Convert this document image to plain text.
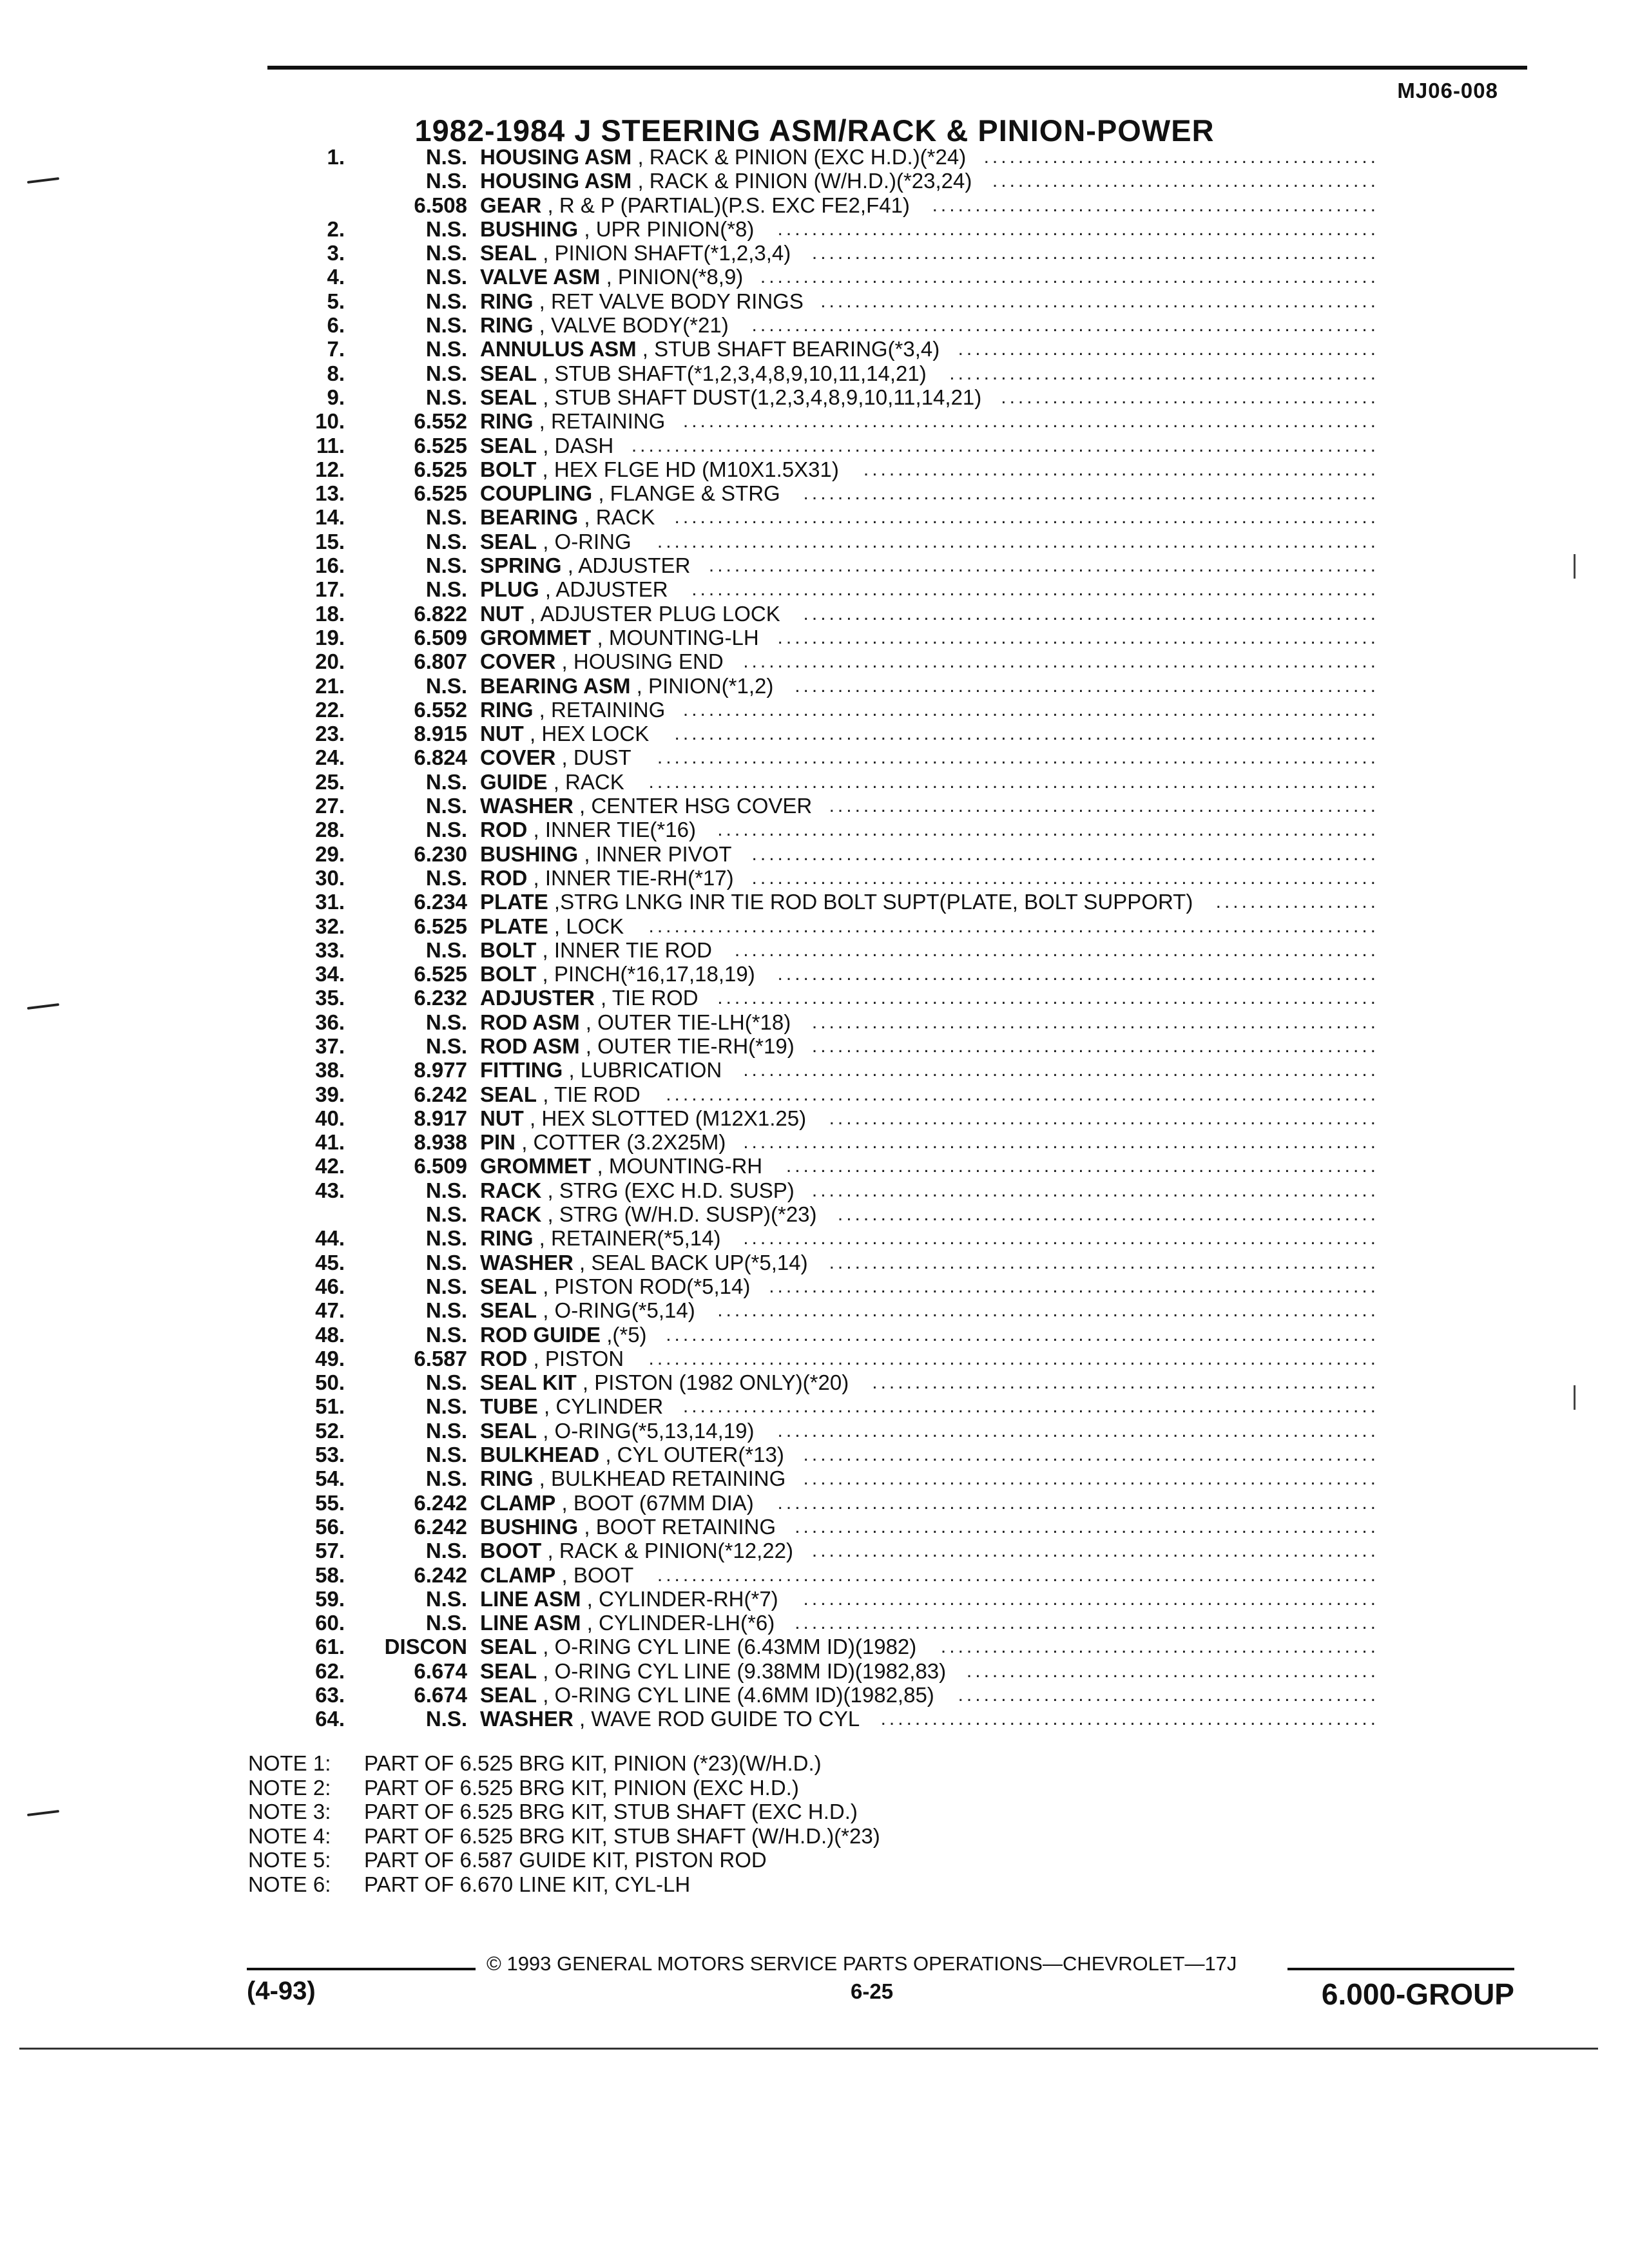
MJ06-008
1982-1984 J STEERING ASM/RACK & PINION-POWER
1.	N.S. HOUSING ASM , RACK & PINION (EXC H.D.)(*24) ..............................................
N.S. HOUSING ASM , RACK & PINION (W/H.D.)(*23,24) .............................................
6.508 GEAR , R & P (PARTIAL)(P.S. EXC FE2,F41) ....................................................
2.	N.S. BUSHING , UPR PINION(*8) ......................................................................
3.	N.S. SEAL , PINION SHAFT(*1,2,3,4) ..................................................................
4.	N.S. VALVE ASM , PINION(*8,9) ........................................................................
5.	N.S. RING , RET VALVE BODY RINGS .................................................................
6.	N.S. RING , VALVE BODY(*21) .........................................................................
7.	N.S. ANNULUS ASM , STUB SHAFT BEARING(*3,4) .................................................
8.	N.S. SEAL , STUB SHAFT(*1,2,3,4,8,9,10,11,14,21) ..................................................
9.	N.S. SEAL , STUB SHAFT DUST(1,2,3,4,8,9,10,11,14,21) ............................................
10.	6.552 RING , RETAINING .................................................................................
11.	6.525 SEAL , DASH .......................................................................................
12.	6.525 BOLT , HEX FLGE HD (M10X1.5X31) ............................................................
13.	6.525 COUPLING , FLANGE & STRG ...................................................................
14.	N.S. BEARING , RACK ..................................................................................
15.	N.S. SEAL , O-RING ....................................................................................
16.	N.S. SPRING , ADJUSTER ..............................................................................
17.	N.S. PLUG , ADJUSTER ................................................................................
18.	6.822 NUT , ADJUSTER PLUG LOCK ...................................................................
19.	6.509 GROMMET , MOUNTING-LH ......................................................................
20.	6.807 COVER , HOUSING END ..........................................................................
21.	N.S. BEARING ASM , PINION(*1,2) ....................................................................
22.	6.552 RING , RETAINING .................................................................................
23.	8.915 NUT , HEX LOCK ..................................................................................
24.	6.824 COVER , DUST ....................................................................................
25.	N.S. GUIDE , RACK .....................................................................................
27.	N.S. WASHER , CENTER HSG COVER ................................................................
28.	N.S. ROD , INNER TIE(*16) .............................................................................
29.	6.230 BUSHING , INNER PIVOT .........................................................................
30.	N.S. ROD , INNER TIE-RH(*17) .........................................................................
31.	6.234 PLATE ,STRG LNKG INR TIE ROD BOLT SUPT(PLATE, BOLT SUPPORT) ...................
32.	6.525 PLATE , LOCK .....................................................................................
33.	N.S. BOLT , INNER TIE ROD ...........................................................................
34.	6.525 BOLT , PINCH(*16,17,18,19) ......................................................................
35.	6.232 ADJUSTER , TIE ROD .............................................................................
36.	N.S. ROD ASM , OUTER TIE-LH(*18) ..................................................................
37.	N.S. ROD ASM , OUTER TIE-RH(*19) ..................................................................
38.	8.977 FITTING , LUBRICATION ..........................................................................
39.	6.242 SEAL , TIE ROD ...................................................................................
40.	8.917 NUT , HEX SLOTTED (M12X1.25) ................................................................
41.	8.938 PIN , COTTER (3.2X25M) ..........................................................................
42.	6.509 GROMMET , MOUNTING-RH .....................................................................
43.	N.S. RACK , STRG (EXC H.D. SUSP) ..................................................................
N.S. RACK , STRG (W/H.D. SUSP)(*23) ...............................................................
44.	N.S. RING , RETAINER(*5,14) ..........................................................................
45.	N.S. WASHER , SEAL BACK UP(*5,14) ................................................................
46.	N.S. SEAL , PISTON ROD(*5,14) .......................................................................
47.	N.S. SEAL , O-RING(*5,14) .............................................................................
48.	N.S. ROD GUIDE ,(*5) ...................................................................................
49.	6.587 ROD , PISTON .....................................................................................
50.	N.S. SEAL KIT , PISTON (1982 ONLY)(*20) ...........................................................
51.	N.S. TUBE , CYLINDER .................................................................................
52.	N.S. SEAL , O-RING(*5,13,14,19) ......................................................................
53.	N.S. BULKHEAD , CYL OUTER(*13) ...................................................................
54.	N.S. RING , BULKHEAD RETAINING ...................................................................
55.	6.242 CLAMP , BOOT (67MM DIA) ......................................................................
56.	6.242 BUSHING , BOOT RETAINING ....................................................................
57.	N.S. BOOT , RACK & PINION(*12,22) ..................................................................
58.	6.242 CLAMP , BOOT ....................................................................................
59.	N.S. LINE ASM , CYLINDER-RH(*7) ...................................................................
60.	N.S. LINE ASM , CYLINDER-LH(*6) ....................................................................
61.	DISCON SEAL , O-RING CYL LINE (6.43MM ID)(1982) ...................................................
62.	6.674 SEAL , O-RING CYL LINE (9.38MM ID)(1982,83) ................................................
63.	6.674 SEAL , O-RING CYL LINE (4.6MM ID)(1982,85) .................................................
64.	N.S. WASHER , WAVE ROD GUIDE TO CYL ..........................................................
NOTE 1: PART OF 6.525 BRG KIT, PINION (*23)(W/H.D.)
NOTE 2: PART OF 6.525 BRG KIT, PINION (EXC H.D.)
NOTE 3: PART OF 6.525 BRG KIT, STUB SHAFT (EXC H.D.)
NOTE 4: PART OF 6.525 BRG KIT, STUB SHAFT (W/H.D.)(*23)
NOTE 5: PART OF 6.587 GUIDE KIT, PISTON ROD
NOTE 6: PART OF 6.670 LINE KIT, CYL-LH
© 1993 GENERAL MOTORS SERVICE PARTS OPERATIONS—CHEVROLET—17J
(4-93)	6-25	6.000-GROUP
